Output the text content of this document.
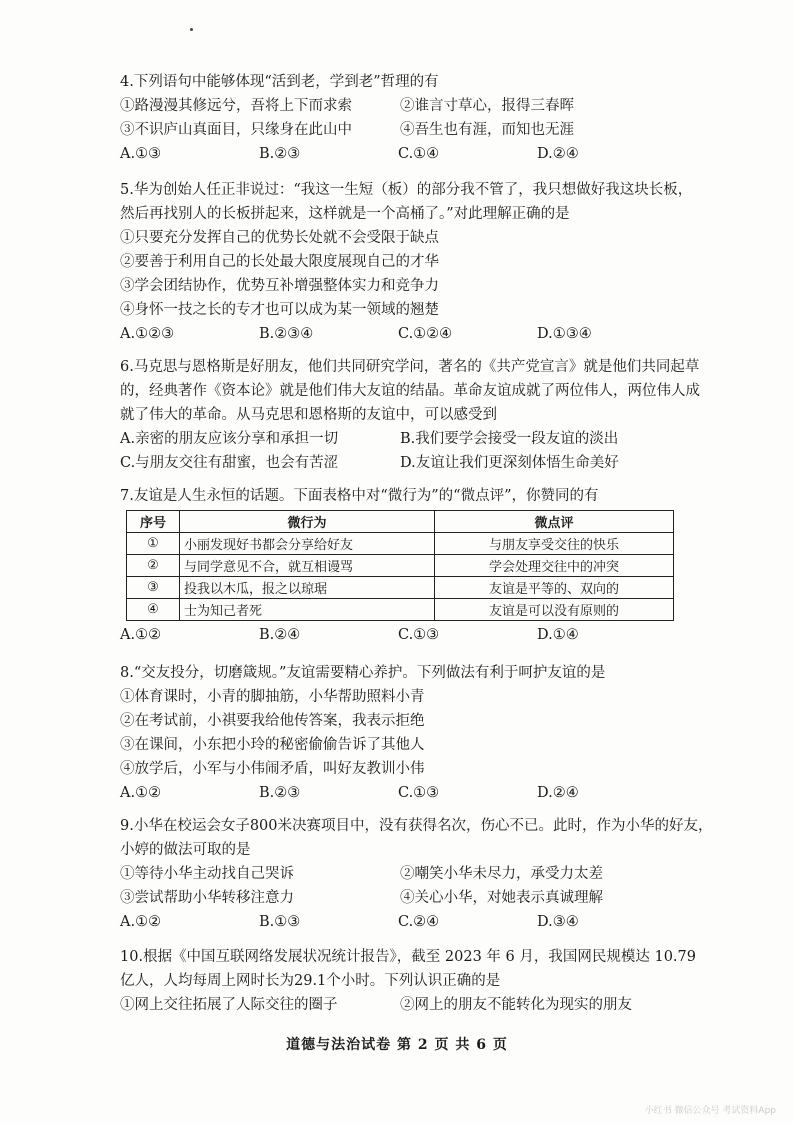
4.下列语句中能够体现“活到老，学到老”哲理的有
①路漫漫其修远兮，吾将上下而求索	②谁言寸草心，报得三春晖
③不识庐山真面目，只缘身在此山中	④吾生也有涯，而知也无涯
A.①③	B.②③	C.①④	D.②④
5.华为创始人任正非说过：“我这一生短（板）的部分我不管了，我只想做好我这块长板，
然后再找别人的长板拼起来，这样就是一个高桶了。”对此理解正确的是
①只要充分发挥自己的优势长处就不会受限于缺点
②要善于利用自己的长处最大限度展现自己的才华
③学会团结协作，优势互补增强整体实力和竞争力
④身怀一技之长的专才也可以成为某一领域的翘楚
A.①②③	B.②③④	C.①②④	D.①③④
6.马克思与恩格斯是好朋友，他们共同研究学问，著名的《共产党宣言》就是他们共同起草
的，经典著作《资本论》就是他们伟大友谊的结晶。革命友谊成就了两位伟人，两位伟人成
就了伟大的革命。从马克思和恩格斯的友谊中，可以感受到
A.亲密的朋友应该分享和承担一切	B.我们要学会接受一段友谊的淡出
C.与朋友交往有甜蜜，也会有苦涩	D.友谊让我们更深刻体悟生命美好
7.友谊是人生永恒的话题。下面表格中对“微行为”的“微点评”，你赞同的有
序号	微行为	微点评
①	小丽发现好书都会分享给好友	与朋友享受交往的快乐
②	与同学意见不合，就互相谩骂	学会处理交往中的冲突
③	投我以木瓜，报之以琼琚	友谊是平等的、双向的
④	士为知己者死	友谊是可以没有原则的
A.①②	B.②④	C.①③	D.①④
8.“交友投分，切磨箴规。”友谊需要精心养护。下列做法有利于呵护友谊的是
①体育课时，小青的脚抽筋，小华帮助照料小青
②在考试前，小祺要我给他传答案，我表示拒绝
③在课间，小东把小玲的秘密偷偷告诉了其他人
④放学后，小军与小伟闹矛盾，叫好友教训小伟
A.①②	B.②③	C.①③	D.②④
9.小华在校运会女子800米决赛项目中，没有获得名次，伤心不已。此时，作为小华的好友，
小婷的做法可取的是
①等待小华主动找自己哭诉	②嘲笑小华未尽力，承受力太差
③尝试帮助小华转移注意力	④关心小华，对她表示真诚理解
A.①②	B.①③	C.②④	D.③④
10.根据《中国互联网络发展状况统计报告》，截至 2023 年 6 月，我国网民规模达 10.79
亿人，人均每周上网时长为29.1个小时。下列认识正确的是
①网上交往拓展了人际交往的圈子	②网上的朋友不能转化为现实的朋友
道德与法治试卷 第 2 页 共 6 页
小红书 微信公众号 考试资料App
